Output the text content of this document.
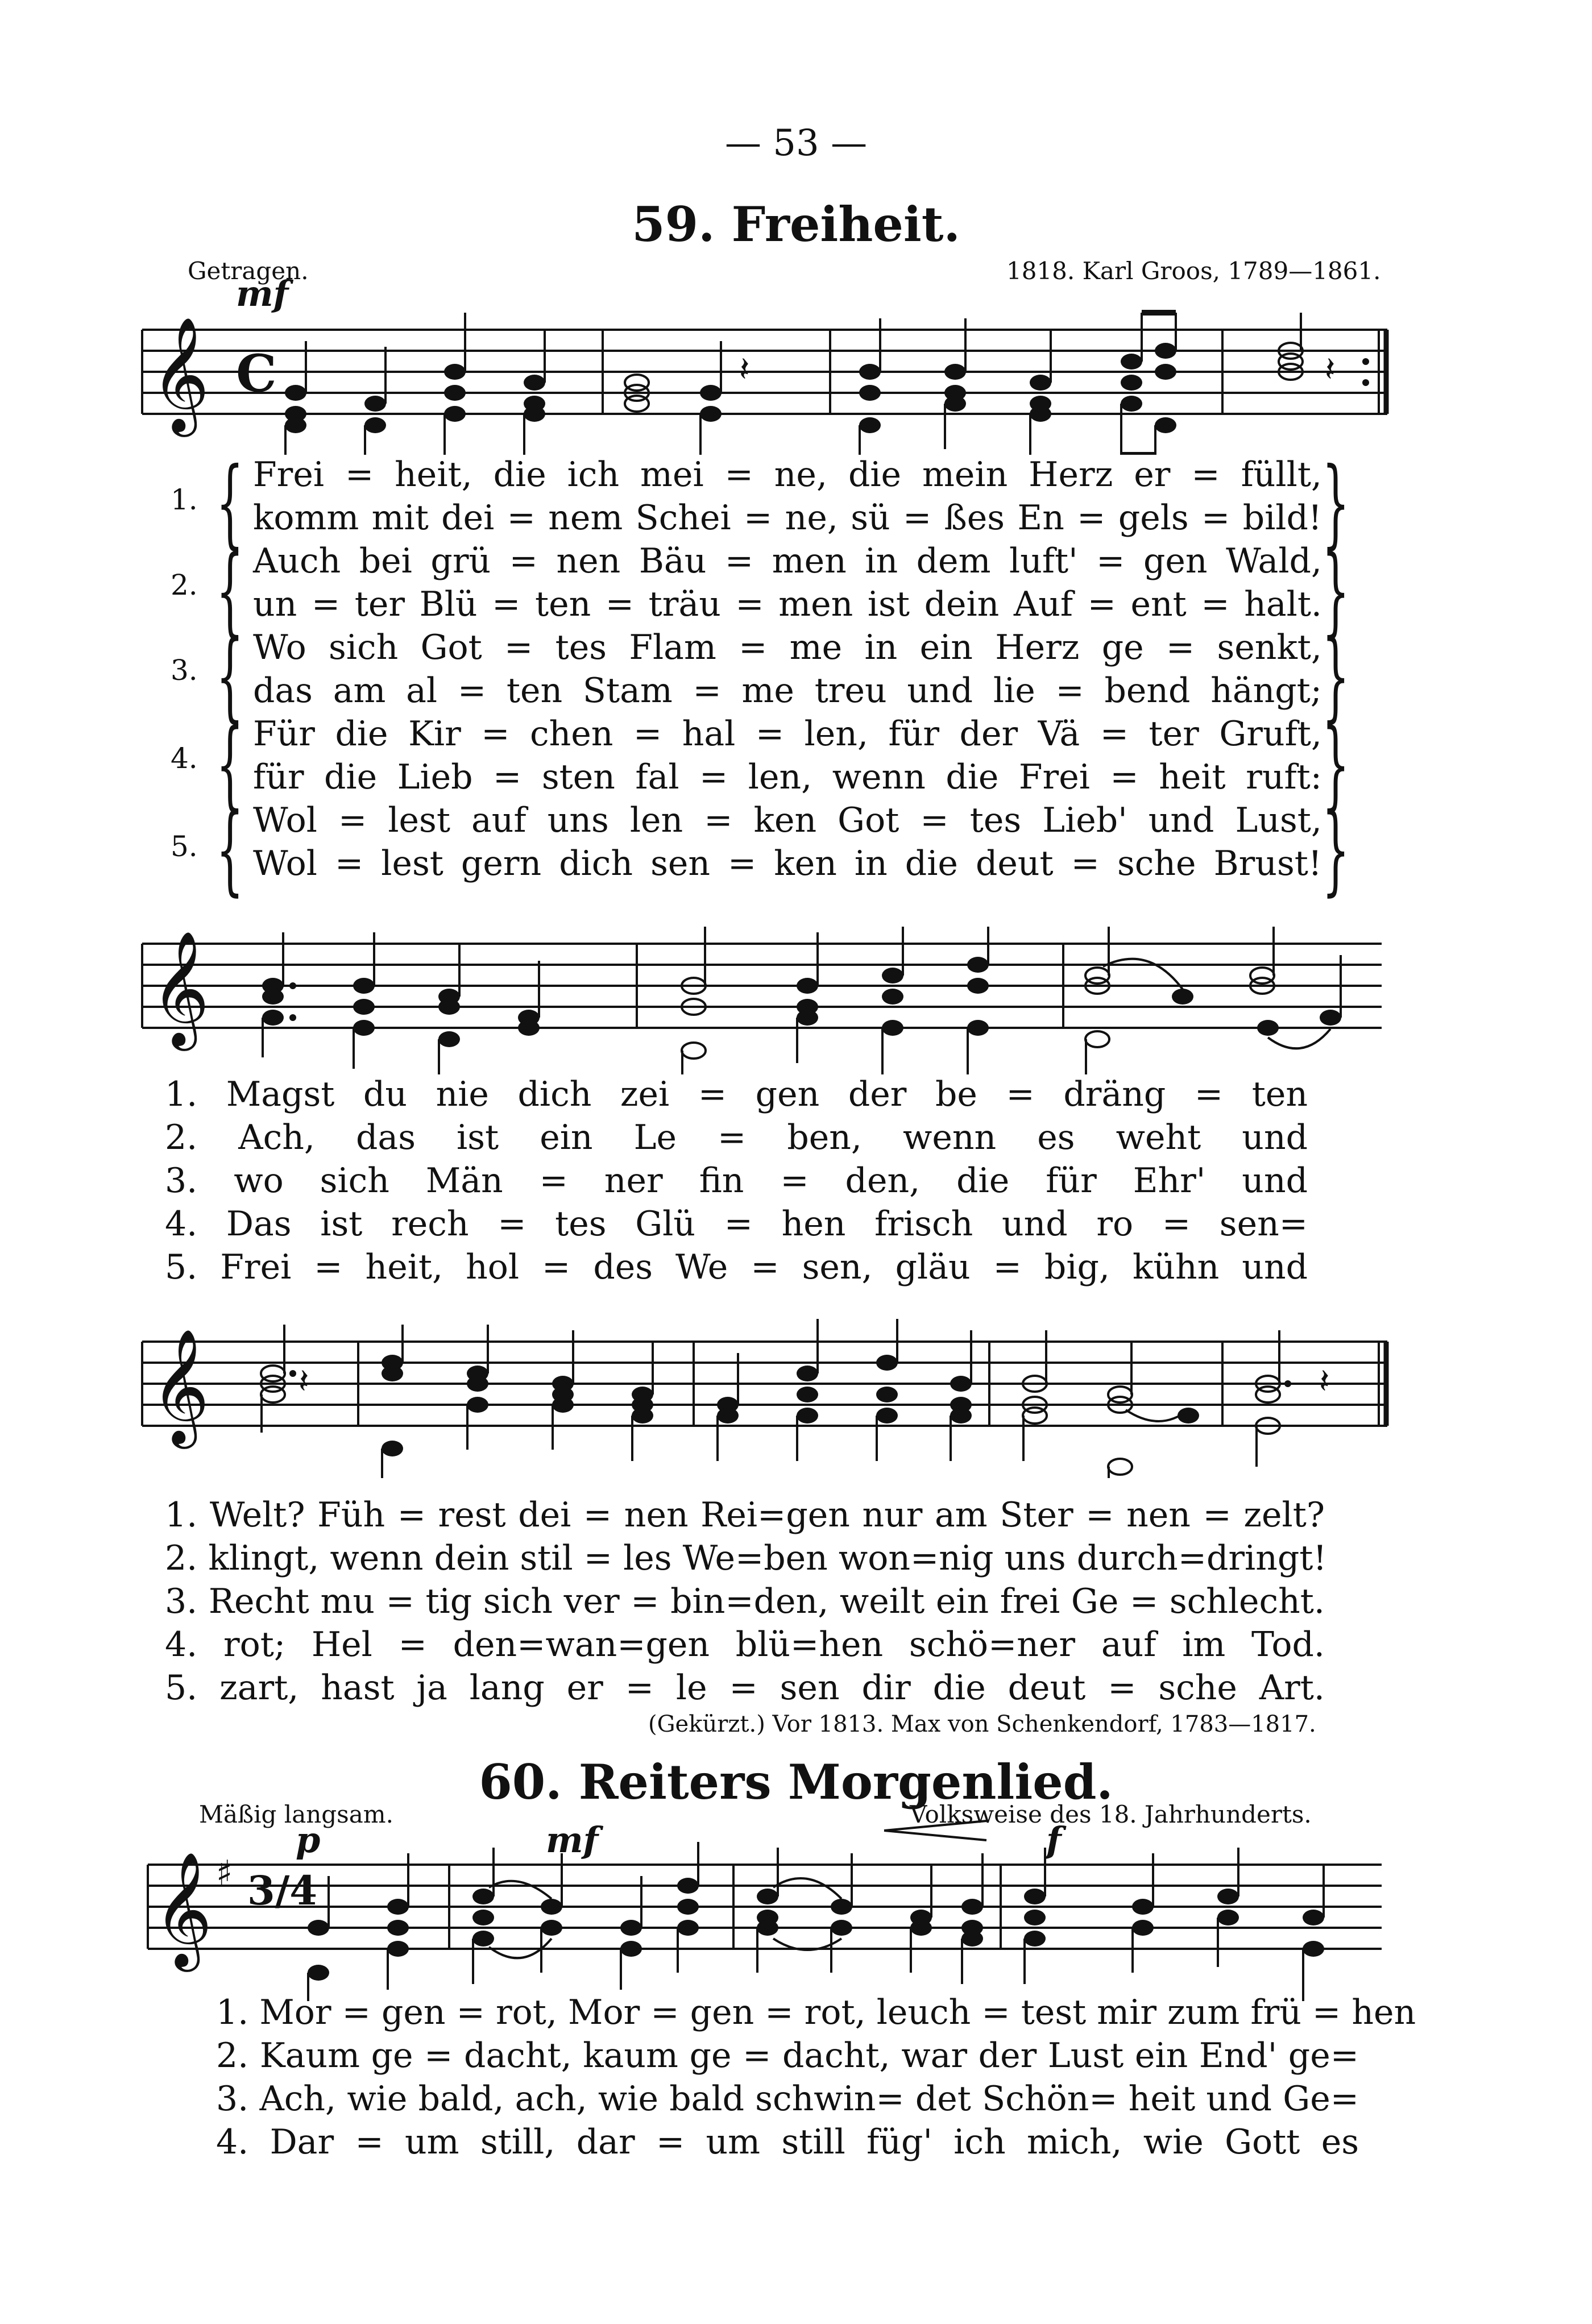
— 53 —
59. Freiheit.
Getragen.	1818. Karl Groos, 1789—1861.
mf
𝄞 C	𝄽	𝄽
1.
2.
3.
4.
5.
{
{
{
{
{
}
}
}
}
}
Frei = heit, die ich mei = ne, die mein Herz er = füllt,
komm mit dei = nem Schei = ne, sü = ßes En = gels = bild!
Auch bei grü = nen Bäu = men in dem luft' = gen Wald,
un = ter Blü = ten = träu = men ist dein Auf = ent = halt.
Wo sich Got = tes Flam = me in ein Herz ge = senkt,
das am al = ten Stam = me treu und lie = bend hängt;
Für die Kir = chen = hal = len, für der Vä = ter Gruft,
für die Lieb = sten fal = len, wenn die Frei = heit ruft:
Wol = lest auf uns len = ken Got = tes Lieb' und Lust,
Wol = lest gern dich sen = ken in die deut = sche Brust!
𝄞
1. Magst du nie dich zei = gen der be = dräng = ten
2. Ach, das ist ein Le = ben, wenn es weht und
3. wo sich Män = ner fin = den, die für Ehr' und
4. Das ist rech = tes Glü = hen frisch und ro = sen=
5. Frei = heit, hol = des We = sen, gläu = big, kühn und
𝄞	𝄽	𝄽
1. Welt? Füh = rest dei = nen Rei=gen nur am Ster = nen = zelt?
2. klingt, wenn dein stil = les We=ben won=nig uns durch=dringt!
3. Recht mu = tig sich ver = bin=den, weilt ein frei Ge = schlecht.
4. rot; Hel = den=wan=gen blü=hen schö=ner auf im Tod.
5. zart, hast ja lang er = le = sen dir die deut = sche Art.
(Gekürzt.) Vor 1813. Max von Schenkendorf, 1783—1817.
60. Reiters Morgenlied.
Mäßig langsam.	Volksweise des 18. Jahrhunderts.
p	mf	f
𝄞 ♯ 3/4
1. Mor = gen = rot, Mor = gen = rot, leuch = test mir zum frü = hen
2. Kaum ge = dacht, kaum ge = dacht, war der Lust ein End' ge=
3. Ach, wie bald, ach, wie bald schwin= det Schön= heit und Ge=
4. Dar = um still, dar = um still füg' ich mich, wie Gott es
